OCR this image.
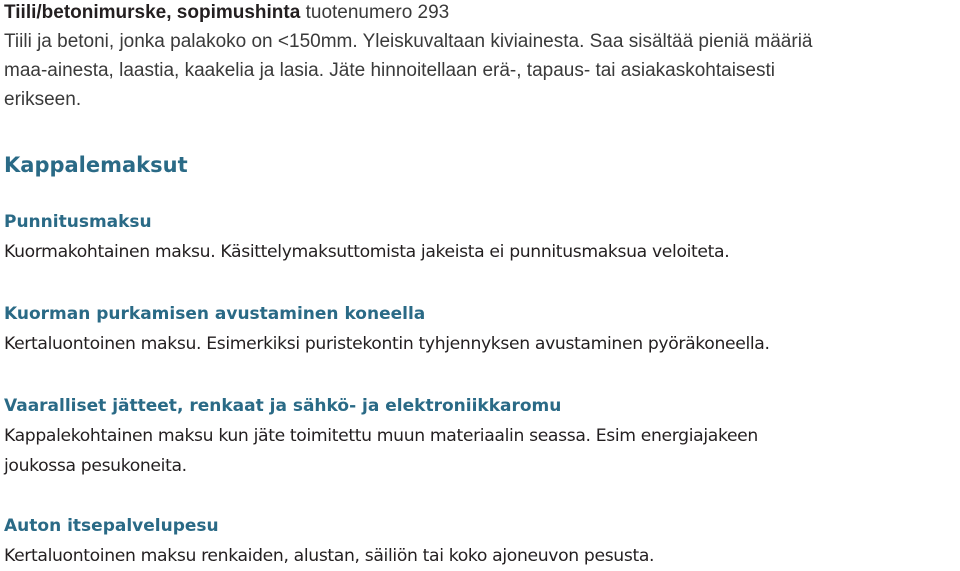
Tiili/betonimurske, sopimushinta tuotenumero 293
Tiili ja betoni, jonka palakoko on <150mm. Yleiskuvaltaan kiviainesta. Saa sisältää pieniä määriä
maa-ainesta, laastia, kaakelia ja lasia. Jäte hinnoitellaan erä-, tapaus- tai asiakaskohtaisesti
erikseen.
Kappalemaksut
Punnitusmaksu

Kuormakohtainen maksu. Käsittelymaksuttomista jakeista ei punnitusmaksua veloiteta.

Kuorman purkamisen avustaminen koneella

Kertaluontoinen maksu. Esimerkiksi puristekontin tyhjennyksen avustaminen pyöräkoneella.

Vaaralliset jätteet, renkaat ja sähkö- ja elektroniikkaromu

Kappalekohtainen maksu kun jäte toimitettu muun materiaalin seassa. Esim energiajakeen

joukossa pesukoneita.

Auton itsepalvelupesu

Kertaluontoinen maksu renkaiden, alustan, säiliön tai koko ajoneuvon pesusta.
